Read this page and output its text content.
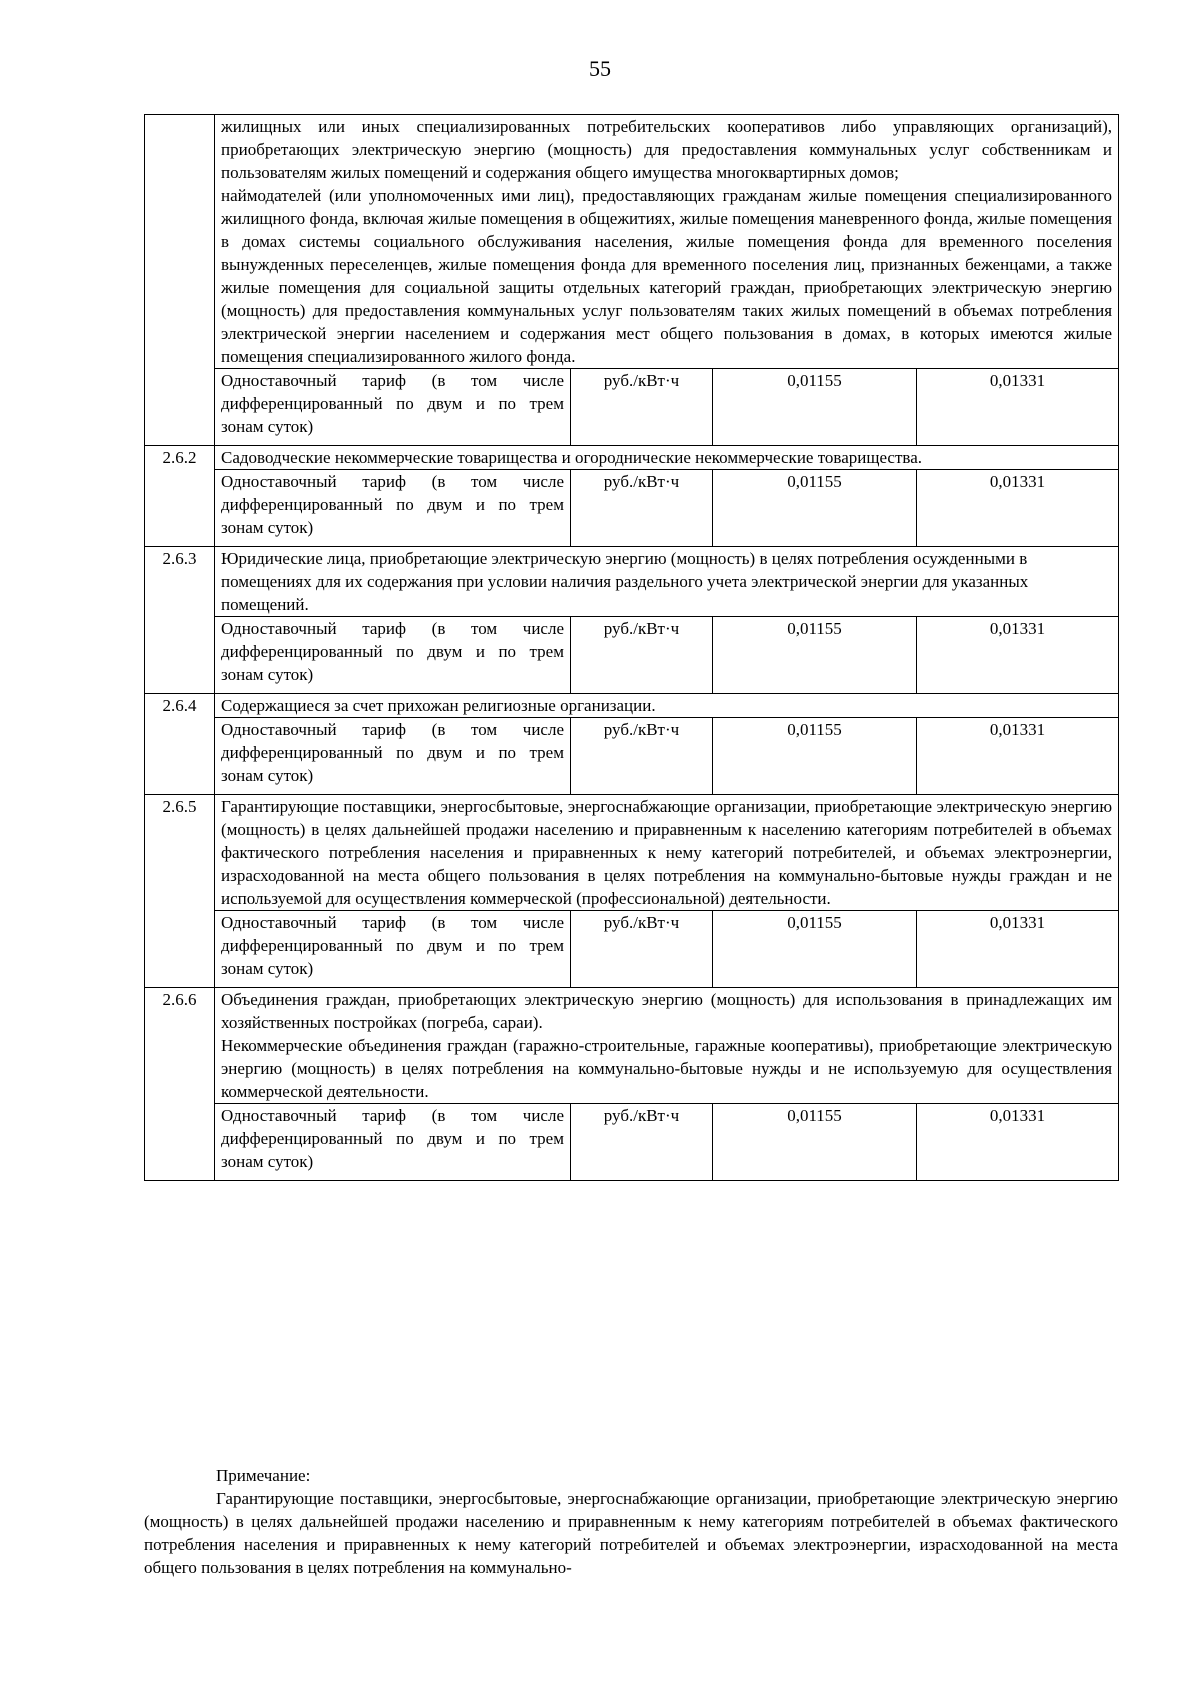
55

	жилищных или иных специализированных потребительских кооперативов либо управляющих организаций), приобретающих электрическую энергию (мощность) для предоставления коммунальных услуг собственникам и пользователям жилых помещений и содержания общего имущества многоквартирных домов;
наймодателей (или уполномоченных ими лиц), предоставляющих гражданам жилые помещения специализированного жилищного фонда, включая жилые помещения в общежитиях, жилые помещения маневренного фонда, жилые помещения в домах системы социального обслуживания населения, жилые помещения фонда для временного поселения вынужденных переселенцев, жилые помещения фонда для временного поселения лиц, признанных беженцами, а также жилые помещения для социальной защиты отдельных категорий граждан, приобретающих электрическую энергию (мощность) для предоставления коммунальных услуг пользователям таких жилых помещений в объемах потребления электрической энергии населением и содержания мест общего пользования в домах, в которых имеются жилые помещения специализированного жилого фонда.			

	Одноставочный тариф (в том числе дифференцированный по двум и по трем зонам суток)	руб./кВт·ч	0,01155	0,01331
2.6.2	Садоводческие некоммерческие товарищества и огороднические некоммерческие товарищества.			

	Одноставочный тариф (в том числе дифференцированный по двум и по трем зонам суток)	руб./кВт·ч	0,01155	0,01331
2.6.3	Юридические лица, приобретающие электрическую энергию (мощность) в целях потребления осужденными в помещениях для их содержания при условии наличия раздельного учета электрической энергии для указанных помещений.			

	Одноставочный тариф (в том числе дифференцированный по двум и по трем зонам суток)	руб./кВт·ч	0,01155	0,01331
2.6.4	Содержащиеся за счет прихожан религиозные организации.			

	Одноставочный тариф (в том числе дифференцированный по двум и по трем зонам суток)	руб./кВт·ч	0,01155	0,01331
2.6.5	Гарантирующие поставщики, энергосбытовые, энергоснабжающие организации, приобретающие электрическую энергию (мощность) в целях дальнейшей продажи населению и приравненным к населению категориям потребителей в объемах фактического потребления населения и приравненных к нему категорий потребителей, и объемах электроэнергии, израсходованной на места общего пользования в целях потребления на коммунально-бытовые нужды граждан и не используемой для осуществления коммерческой (профессиональной) деятельности.			

	Одноставочный тариф (в том числе дифференцированный по двум и по трем зонам суток)	руб./кВт·ч	0,01155	0,01331
2.6.6	Объединения граждан, приобретающих электрическую энергию (мощность) для использования в принадлежащих им хозяйственных постройках (погреба, сараи).
Некоммерческие объединения граждан (гаражно-строительные, гаражные кооперативы), приобретающие электрическую энергию (мощность) в целях потребления на коммунально-бытовые нужды и не используемую для осуществления коммерческой деятельности.			

	Одноставочный тариф (в том числе дифференцированный по двум и по трем зонам суток)	руб./кВт·ч	0,01155	0,01331
Примечание:

Гарантирующие поставщики, энергосбытовые, энергоснабжающие организации, приобретающие электрическую энергию (мощность) в целях дальнейшей продажи населению и приравненным к нему категориям потребителей в объемах фактического потребления населения и приравненных к нему категорий потребителей и объемах электроэнергии, израсходованной на места общего пользования в целях потребления на коммунально-
